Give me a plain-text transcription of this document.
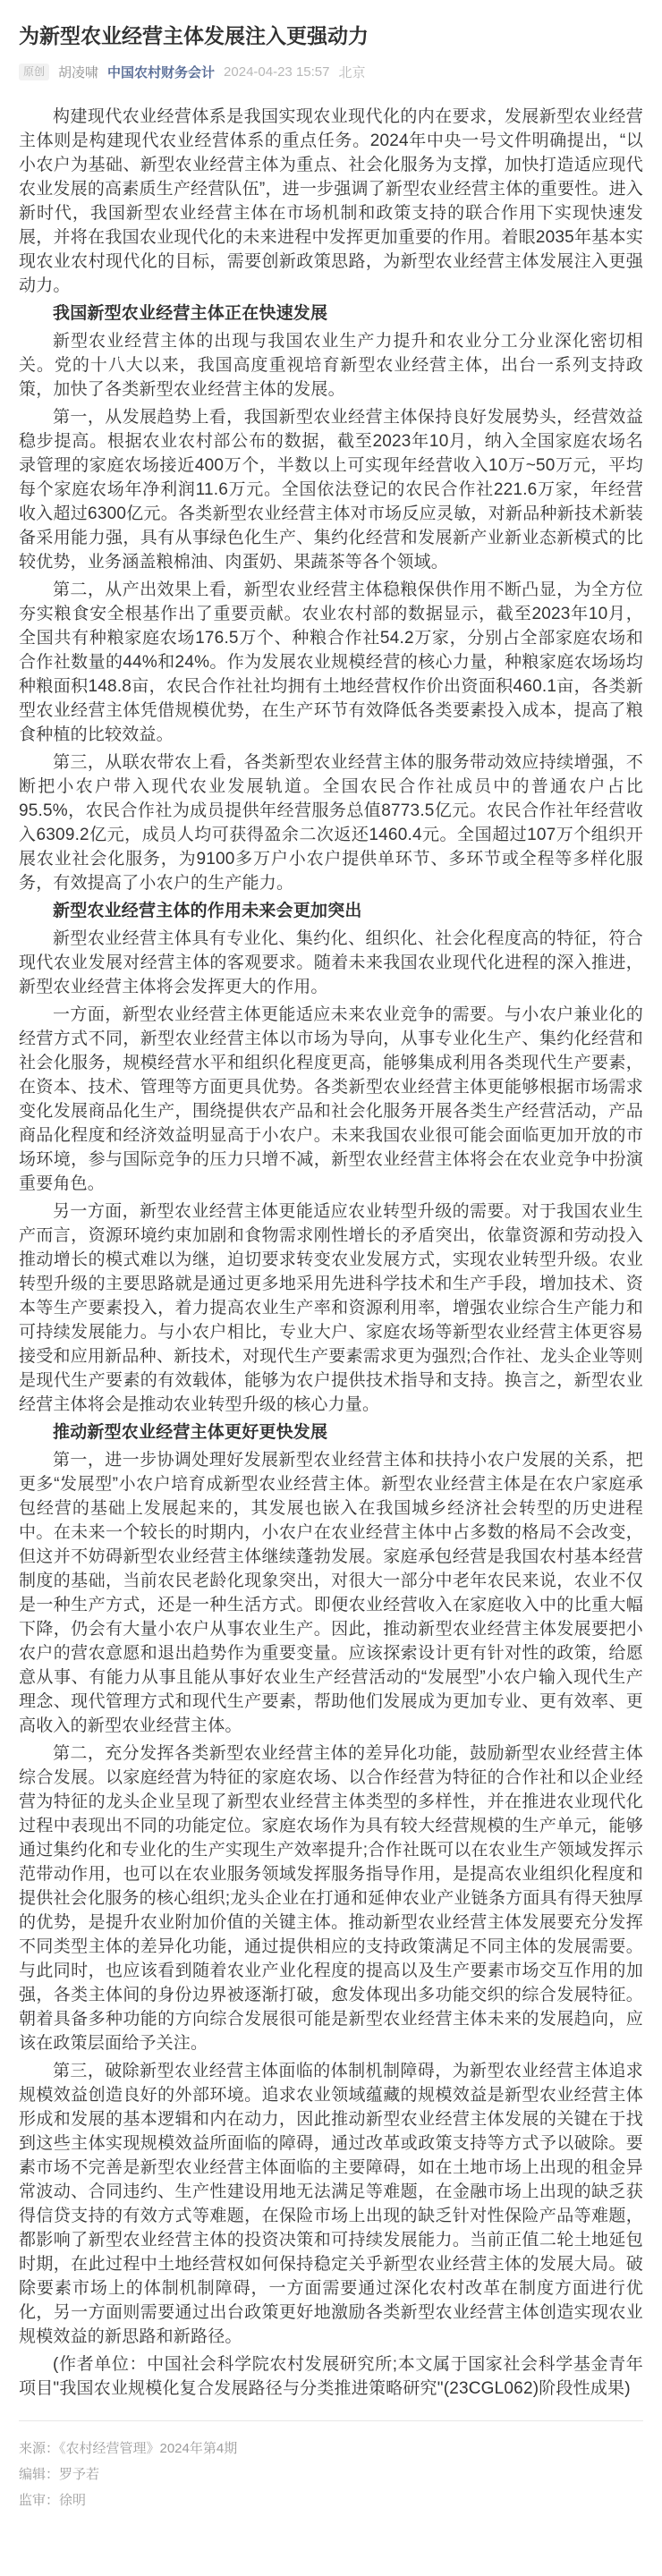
为新型农业经营主体发展注入更强动力
原创	胡凌啸 中国农村财务会计 2024-04-23 15:57 北京

构建现代农业经营体系是我国实现农业现代化的内在要求，发展新型农业经营主体则是构建现代农业经营体系的重点任务。2024年中央一号文件明确提出，“以小农户为基础、新型农业经营主体为重点、社会化服务为支撑，加快打造适应现代农业发展的高素质生产经营队伍”，进一步强调了新型农业经营主体的重要性。进入新时代，我国新型农业经营主体在市场机制和政策支持的联合作用下实现快速发展，并将在我国农业现代化的未来进程中发挥更加重要的作用。着眼2035年基本实现农业农村现代化的目标，需要创新政策思路，为新型农业经营主体发展注入更强动力。

我国新型农业经营主体正在快速发展

新型农业经营主体的出现与我国农业生产力提升和农业分工分业深化密切相关。党的十八大以来，我国高度重视培育新型农业经营主体，出台一系列支持政策，加快了各类新型农业经营主体的发展。

第一，从发展趋势上看，我国新型农业经营主体保持良好发展势头，经营效益稳步提高。根据农业农村部公布的数据，截至2023年10月，纳入全国家庭农场名录管理的家庭农场接近400万个，半数以上可实现年经营收入10万~50万元，平均每个家庭农场年净利润11.6万元。全国依法登记的农民合作社221.6万家，年经营收入超过6300亿元。各类新型农业经营主体对市场反应灵敏，对新品种新技术新装备采用能力强，具有从事绿色化生产、集约化经营和发展新产业新业态新模式的比较优势，业务涵盖粮棉油、肉蛋奶、果蔬茶等各个领域。

第二，从产出效果上看，新型农业经营主体稳粮保供作用不断凸显，为全方位夯实粮食安全根基作出了重要贡献。农业农村部的数据显示，截至2023年10月，全国共有种粮家庭农场176.5万个、种粮合作社54.2万家，分别占全部家庭农场和合作社数量的44%和24%。作为发展农业规模经营的核心力量，种粮家庭农场场均种粮面积148.8亩，农民合作社社均拥有土地经营权作价出资面积460.1亩，各类新型农业经营主体凭借规模优势，在生产环节有效降低各类要素投入成本，提高了粮食种植的比较效益。

第三，从联农带农上看，各类新型农业经营主体的服务带动效应持续增强，不断把小农户带入现代农业发展轨道。全国农民合作社成员中的普通农户占比95.5%，农民合作社为成员提供年经营服务总值8773.5亿元。农民合作社年经营收入6309.2亿元，成员人均可获得盈余二次返还1460.4元。全国超过107万个组织开展农业社会化服务，为9100多万户小农户提供单环节、多环节或全程等多样化服务，有效提高了小农户的生产能力。

新型农业经营主体的作用未来会更加突出

新型农业经营主体具有专业化、集约化、组织化、社会化程度高的特征，符合现代农业发展对经营主体的客观要求。随着未来我国农业现代化进程的深入推进，新型农业经营主体将会发挥更大的作用。

一方面，新型农业经营主体更能适应未来农业竞争的需要。与小农户兼业化的经营方式不同，新型农业经营主体以市场为导向，从事专业化生产、集约化经营和社会化服务，规模经营水平和组织化程度更高，能够集成利用各类现代生产要素，在资本、技术、管理等方面更具优势。各类新型农业经营主体更能够根据市场需求变化发展商品化生产，围绕提供农产品和社会化服务开展各类生产经营活动，产品商品化程度和经济效益明显高于小农户。未来我国农业很可能会面临更加开放的市场环境，参与国际竞争的压力只增不减，新型农业经营主体将会在农业竞争中扮演重要角色。

另一方面，新型农业经营主体更能适应农业转型升级的需要。对于我国农业生产而言，资源环境约束加剧和食物需求刚性增长的矛盾突出，依靠资源和劳动投入推动增长的模式难以为继，迫切要求转变农业发展方式，实现农业转型升级。农业转型升级的主要思路就是通过更多地采用先进科学技术和生产手段，增加技术、资本等生产要素投入，着力提高农业生产率和资源利用率，增强农业综合生产能力和可持续发展能力。与小农户相比，专业大户、家庭农场等新型农业经营主体更容易接受和应用新品种、新技术，对现代生产要素需求更为强烈;合作社、龙头企业等则是现代生产要素的有效载体，能够为农户提供技术指导和支持。换言之，新型农业经营主体将会是推动农业转型升级的核心力量。

推动新型农业经营主体更好更快发展

第一，进一步协调处理好发展新型农业经营主体和扶持小农户发展的关系，把更多“发展型”小农户培育成新型农业经营主体。新型农业经营主体是在农户家庭承包经营的基础上发展起来的，其发展也嵌入在我国城乡经济社会转型的历史进程中。在未来一个较长的时期内，小农户在农业经营主体中占多数的格局不会改变，但这并不妨碍新型农业经营主体继续蓬勃发展。家庭承包经营是我国农村基本经营制度的基础，当前农民老龄化现象突出，对很大一部分中老年农民来说，农业不仅是一种生产方式，还是一种生活方式。即便农业经营收入在家庭收入中的比重大幅下降，仍会有大量小农户从事农业生产。因此，推动新型农业经营主体发展要把小农户的营农意愿和退出趋势作为重要变量。应该探索设计更有针对性的政策，给愿意从事、有能力从事且能从事好农业生产经营活动的“发展型”小农户输入现代生产理念、现代管理方式和现代生产要素，帮助他们发展成为更加专业、更有效率、更高收入的新型农业经营主体。

第二，充分发挥各类新型农业经营主体的差异化功能，鼓励新型农业经营主体综合发展。以家庭经营为特征的家庭农场、以合作经营为特征的合作社和以企业经营为特征的龙头企业呈现了新型农业经营主体类型的多样性，并在推进农业现代化过程中表现出不同的功能定位。家庭农场作为具有较大经营规模的生产单元，能够通过集约化和专业化的生产实现生产效率提升;合作社既可以在农业生产领域发挥示范带动作用，也可以在农业服务领域发挥服务指导作用，是提高农业组织化程度和提供社会化服务的核心组织;龙头企业在打通和延伸农业产业链条方面具有得天独厚的优势，是提升农业附加价值的关键主体。推动新型农业经营主体发展要充分发挥不同类型主体的差异化功能，通过提供相应的支持政策满足不同主体的发展需要。与此同时，也应该看到随着农业产业化程度的提高以及生产要素市场交互作用的加强，各类主体间的身份边界被逐渐打破，愈发体现出多功能交织的综合发展特征。朝着具备多种功能的方向综合发展很可能是新型农业经营主体未来的发展趋向，应该在政策层面给予关注。

第三，破除新型农业经营主体面临的体制机制障碍，为新型农业经营主体追求规模效益创造良好的外部环境。追求农业领域蕴藏的规模效益是新型农业经营主体形成和发展的基本逻辑和内在动力，因此推动新型农业经营主体发展的关键在于找到这些主体实现规模效益所面临的障碍，通过改革或政策支持等方式予以破除。要素市场不完善是新型农业经营主体面临的主要障碍，如在土地市场上出现的租金异常波动、合同违约、生产性建设用地无法满足等难题，在金融市场上出现的缺乏获得信贷支持的有效方式等难题，在保险市场上出现的缺乏针对性保险产品等难题，都影响了新型农业经营主体的投资决策和可持续发展能力。当前正值二轮土地延包时期，在此过程中土地经营权如何保持稳定关乎新型农业经营主体的发展大局。破除要素市场上的体制机制障碍，一方面需要通过深化农村改革在制度方面进行优化，另一方面则需要通过出台政策更好地激励各类新型农业经营主体创造实现农业规模效益的新思路和新路径。

(作者单位：中国社会科学院农村发展研究所;本文属于国家社会科学基金青年项目"我国农业规模化复合发展路径与分类推进策略研究"(23CGL062)阶段性成果)

来源：《农村经营管理》2024年第4期

编辑：罗予若

监审：徐明
